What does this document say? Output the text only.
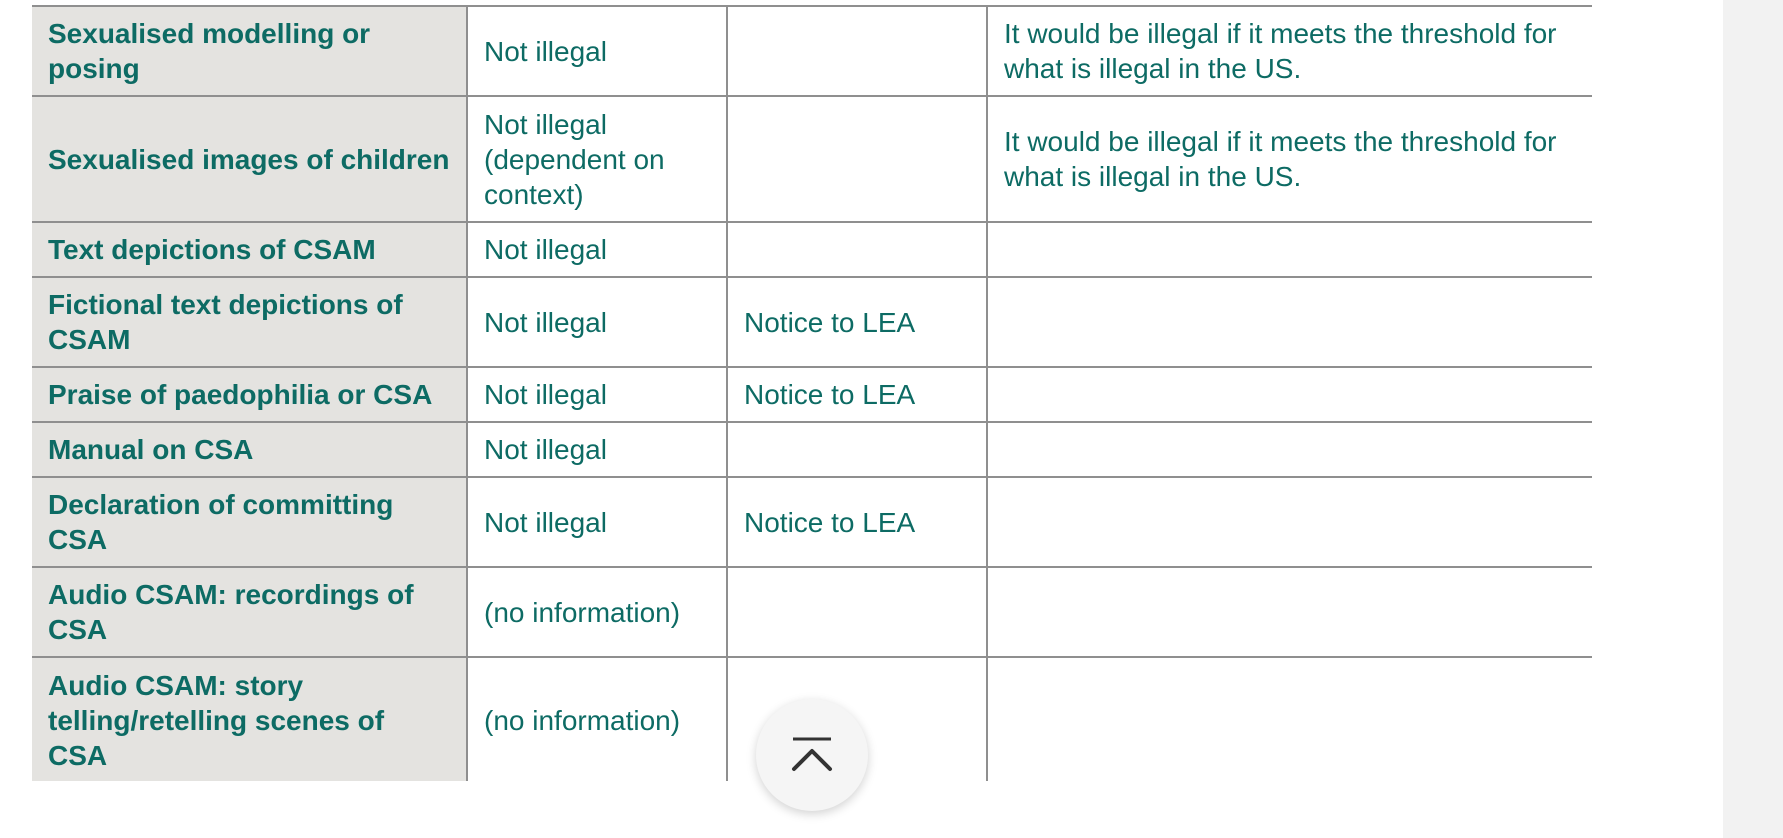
Sexualised modelling or posing	Not illegal		It would be illegal if it meets the threshold for what is illegal in the US.
Sexualised images of children	Not illegal (dependent on context)		It would be illegal if it meets the threshold for what is illegal in the US.
Text depictions of CSAM	Not illegal		
Fictional text depictions of CSAM	Not illegal	Notice to LEA	
Praise of paedophilia or CSA	Not illegal	Notice to LEA	
Manual on CSA	Not illegal		
Declaration of committing CSA	Not illegal	Notice to LEA	
Audio CSAM: recordings of CSA	(no information)		
Audio CSAM: story telling/retelling scenes of CSA	(no information)		
